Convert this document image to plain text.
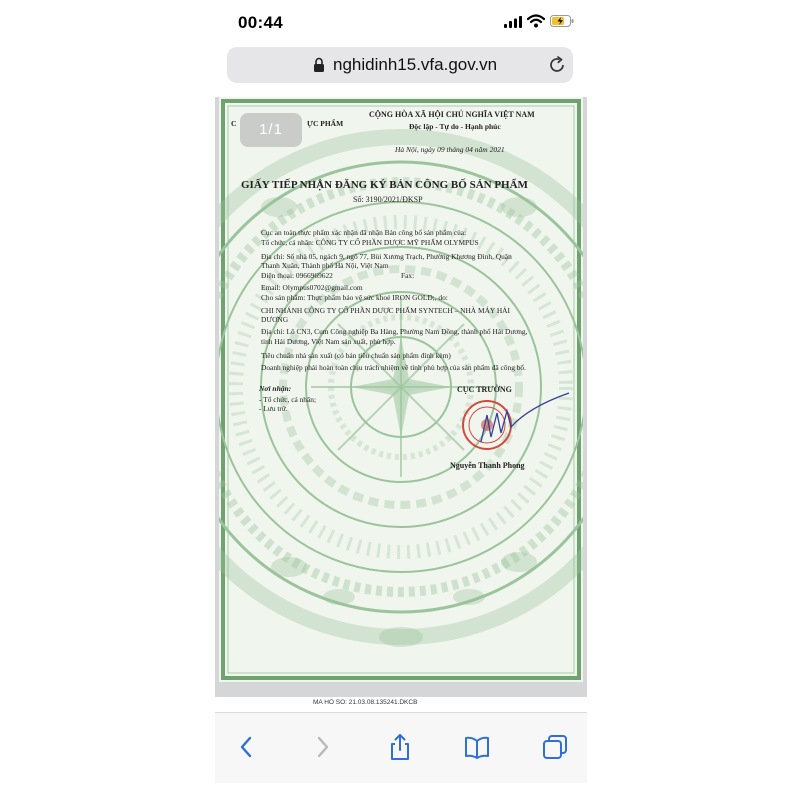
00:44
nghidinh15.vfa.gov.vn
C	ỰC PHẨM
CỘNG HÒA XÃ HỘI CHỦ NGHĨA VIỆT NAM
Độc lập - Tự do - Hạnh phúc
Hà Nội, ngày 09 tháng 04 năm 2021
GIẤY TIẾP NHẬN ĐĂNG KÝ BẢN CÔNG BỐ SẢN PHẨM
Số: 3190/2021/ĐKSP
Cục an toàn thực phẩm xác nhận đã nhận Bản công bố sản phẩm của:
Tổ chức, cá nhân: CÔNG TY CỔ PHẦN DƯỢC MỸ PHẨM OLYMPUS
Địa chỉ: Số nhà 05, ngách 9, ngõ 77, Bùi Xương Trạch, Phường Khương Đình, Quận
Thanh Xuân, Thành phố Hà Nội, Việt Nam
Điện thoại: 0966969622	Fax:
Email: Olympus0702@gmail.com
Cho sản phẩm: Thực phẩm bảo vệ sức khoẻ IRON GOLD;, do:
CHI NHÁNH CÔNG TY CỔ PHẦN DƯỢC PHẨM SYNTECH – NHÀ MÁY HẢI
DƯƠNG
Địa chỉ: Lô CN3, Cụm Công nghiệp Ba Hàng, Phường Nam Đồng, thành phố Hải Dương,
tỉnh Hải Dương, Việt Nam sản xuất, phù hợp.
Tiêu chuẩn nhà sản xuất (có bản tiêu chuẩn sản phẩm đính kèm)
Doanh nghiệp phải hoàn toàn chịu trách nhiệm về tính phù hợp của sản phẩm đã công bố.
Nơi nhận:
- Tổ chức, cá nhân;
- Lưu trữ.
CỤC TRƯỞNG
Nguyễn Thanh Phong
1/1
MA HO SO: 21.03.08.135241.DKCB
